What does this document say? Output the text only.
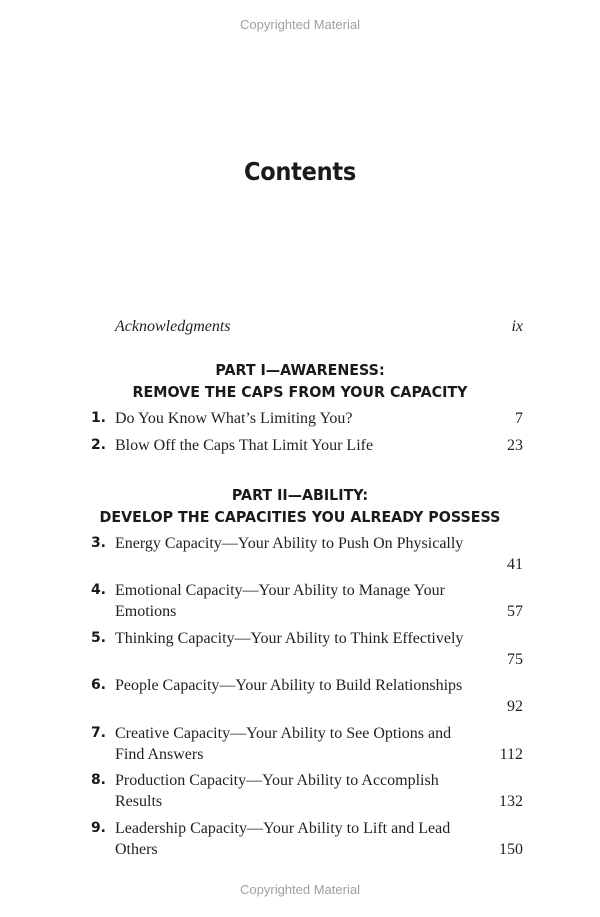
Copyrighted Material
Contents
Acknowledgments	ix
PART I—AWARENESS:
REMOVE THE CAPS FROM YOUR CAPACITY
1. Do You Know What’s Limiting You?	7
2. Blow Off the Caps That Limit Your Life	23
PART II—ABILITY:
DEVELOP THE CAPACITIES YOU ALREADY POSSESS
3. Energy Capacity—Your Ability to Push On Physically
41
4. Emotional Capacity—Your Ability to Manage Your Emotions	57
5. Thinking Capacity—Your Ability to Think Effectively
75
6. People Capacity—Your Ability to Build Relationships
92
7. Creative Capacity—Your Ability to See Options and Find Answers	112
8. Production Capacity—Your Ability to Accomplish Results	132
9. Leadership Capacity—Your Ability to Lift and Lead Others	150
Copyrighted Material
